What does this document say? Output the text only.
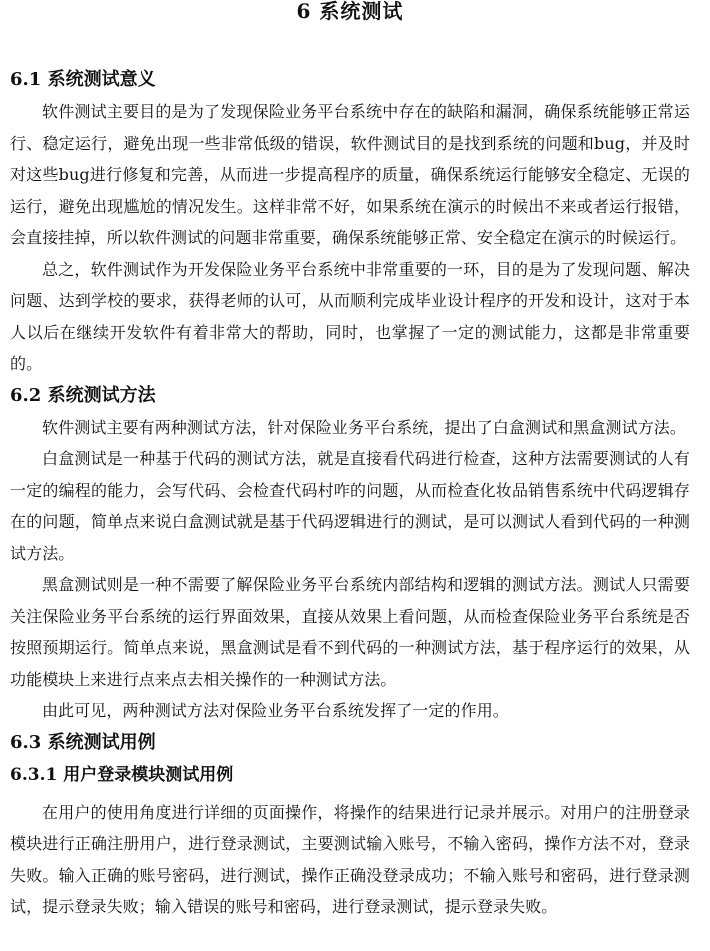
6 系统测试
6.1 系统测试意义

软件测试主要目的是为了发现保险业务平台系统中存在的缺陷和漏洞，确保系统能够正常运行、稳定运行，避免出现一些非常低级的错误，软件测试目的是找到系统的问题和bug，并及时对这些bug进行修复和完善，从而进一步提高程序的质量，确保系统运行能够安全稳定、无误的运行，避免出现尴尬的情况发生。这样非常不好，如果系统在演示的时候出不来或者运行报错，会直接挂掉，所以软件测试的问题非常重要，确保系统能够正常、安全稳定在演示的时候运行。

总之，软件测试作为开发保险业务平台系统中非常重要的一环，目的是为了发现问题、解决问题、达到学校的要求，获得老师的认可，从而顺利完成毕业设计程序的开发和设计，这对于本人以后在继续开发软件有着非常大的帮助，同时，也掌握了一定的测试能力，这都是非常重要的。

6.2 系统测试方法

软件测试主要有两种测试方法，针对保险业务平台系统，提出了白盒测试和黑盒测试方法。

白盒测试是一种基于代码的测试方法，就是直接看代码进行检查，这种方法需要测试的人有一定的编程的能力，会写代码、会检查代码村咋的问题，从而检查化妆品销售系统中代码逻辑存在的问题，简单点来说白盒测试就是基于代码逻辑进行的测试，是可以测试人看到代码的一种测试方法。

黑盒测试则是一种不需要了解保险业务平台系统内部结构和逻辑的测试方法。测试人只需要关注保险业务平台系统的运行界面效果，直接从效果上看问题，从而检查保险业务平台系统是否按照预期运行。简单点来说，黑盒测试是看不到代码的一种测试方法，基于程序运行的效果，从功能模块上来进行点来点去相关操作的一种测试方法。

由此可见，两种测试方法对保险业务平台系统发挥了一定的作用。

6.3 系统测试用例
6.3.1 用户登录模块测试用例

在用户的使用角度进行详细的页面操作，将操作的结果进行记录并展示。对用户的注册登录模块进行正确注册用户，进行登录测试，主要测试输入账号，不输入密码，操作方法不对，登录失败。输入正确的账号密码，进行测试，操作正确没登录成功；不输入账号和密码，进行登录测试，提示登录失败；输入错误的账号和密码，进行登录测试，提示登录失败。
